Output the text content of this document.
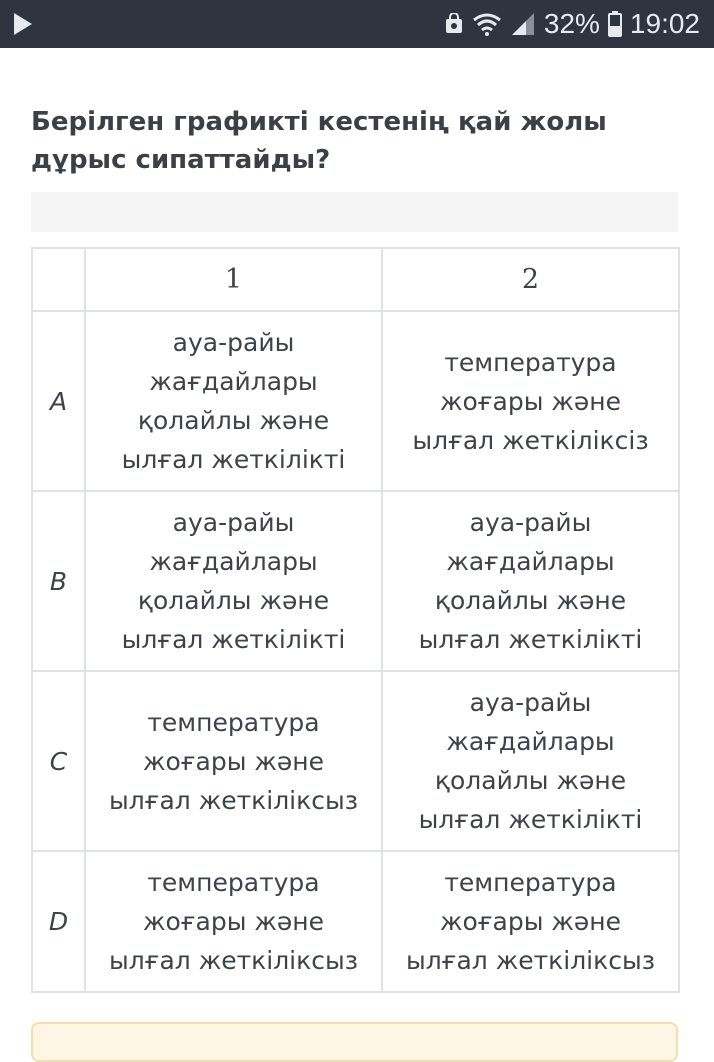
32% 19:02
Берілген графикті кестенің қай жолы дұрыс сипаттайды?
	1	2
A	ауа-райы жағдайлары қолайлы және ылғал жеткілікті	температура жоғары және ылғал жеткіліксіз
B	ауа-райы жағдайлары қолайлы және ылғал жеткілікті	ауа-райы жағдайлары қолайлы және ылғал жеткілікті
C	температура жоғары және ылғал жеткіліксыз	ауа-райы жағдайлары қолайлы және ылғал жеткілікті
D	температура жоғары және ылғал жеткіліксыз	температура жоғары және ылғал жеткіліксыз
